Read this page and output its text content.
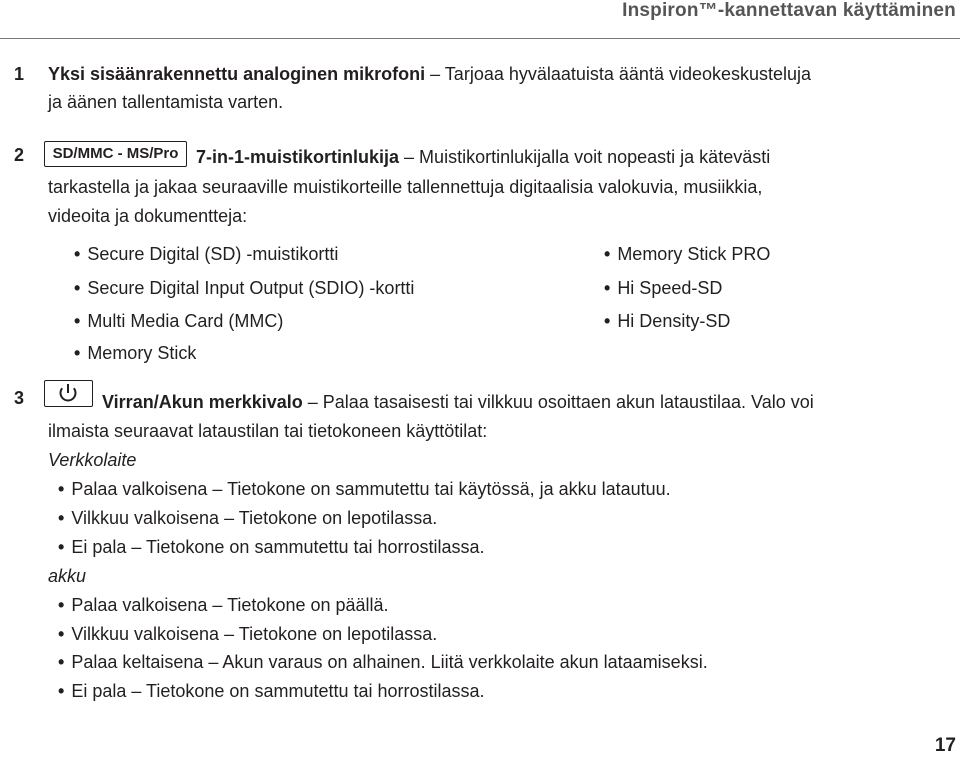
Inspiron™-kannettavan käyttäminen
1 Yksi sisäänrakennettu analoginen mikrofoni – Tarjoaa hyvälaatuista ääntä videokeskusteluja
ja äänen tallentamista varten.
2	SD/MMC - MS/Pro 7-in-1-muistikortinlukija – Muistikortinlukijalla voit nopeasti ja kätevästi
tarkastella ja jakaa seuraaville muistikorteille tallennettuja digitaalisia valokuvia, musiikkia,
videoita ja dokumentteja:
• Secure Digital (SD) -muistikortti
• Secure Digital Input Output (SDIO) -kortti
• Multi Media Card (MMC)
• Memory Stick
• Memory Stick PRO
• Hi Speed-SD
• Hi Density-SD
3	Virran/Akun merkkivalo – Palaa tasaisesti tai vilkkuu osoittaen akun lataustilaa. Valo voi
ilmaista seuraavat lataustilan tai tietokoneen käyttötilat:
Verkkolaite
• Palaa valkoisena – Tietokone on sammutettu tai käytössä, ja akku latautuu.
• Vilkkuu valkoisena – Tietokone on lepotilassa.
• Ei pala – Tietokone on sammutettu tai horrostilassa.
akku
• Palaa valkoisena – Tietokone on päällä.
• Vilkkuu valkoisena – Tietokone on lepotilassa.
• Palaa keltaisena – Akun varaus on alhainen. Liitä verkkolaite akun lataamiseksi.
• Ei pala – Tietokone on sammutettu tai horrostilassa.
17
